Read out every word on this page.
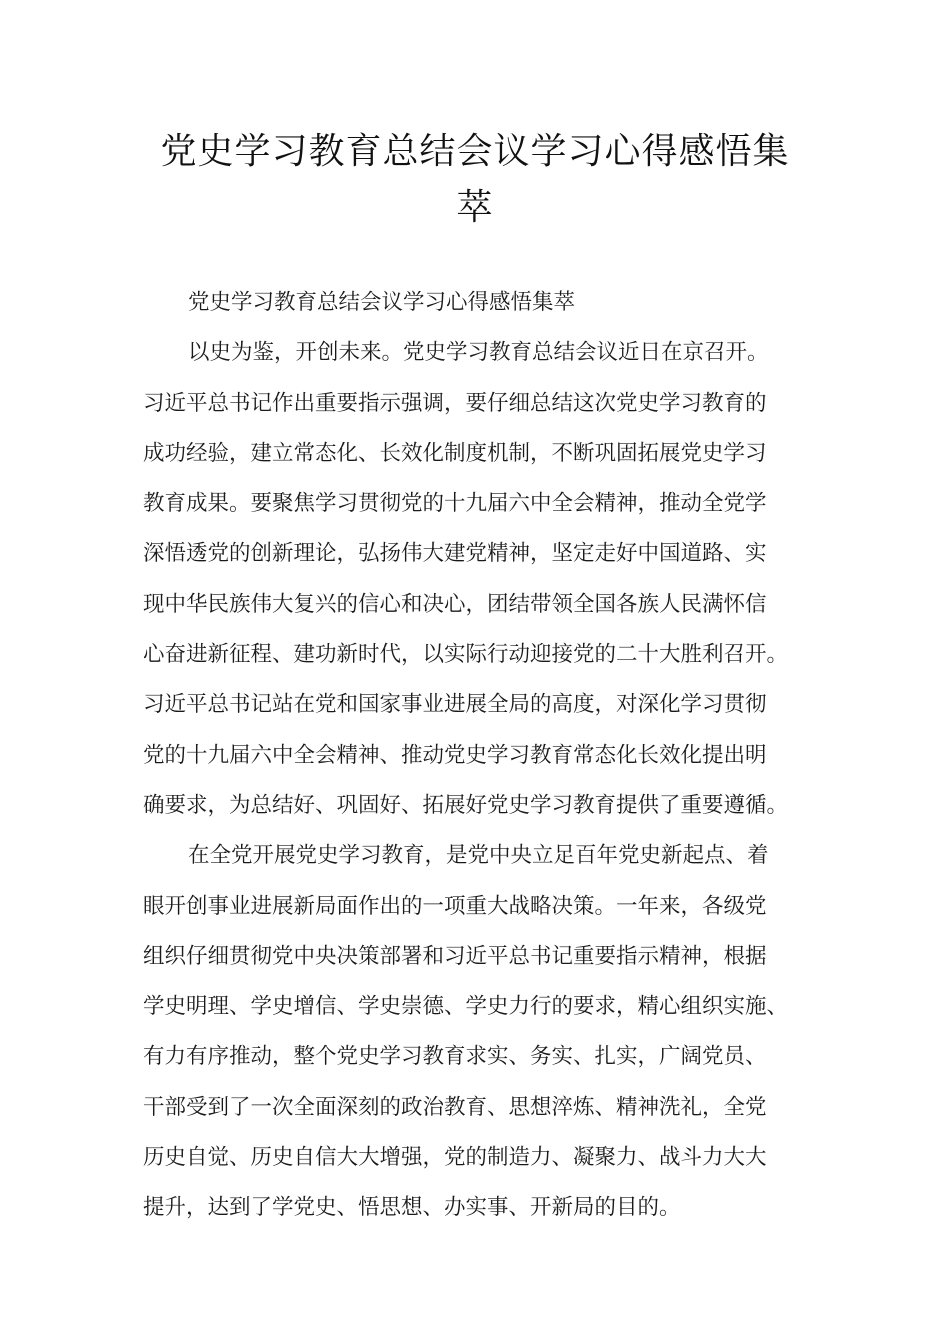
党史学习教育总结会议学习心得感悟集
萃
党史学习教育总结会议学习心得感悟集萃
以史为鉴，开创未来。党史学习教育总结会议近日在京召开。
习近平总书记作出重要指示强调，要仔细总结这次党史学习教育的
成功经验，建立常态化、长效化制度机制，不断巩固拓展党史学习
教育成果。要聚焦学习贯彻党的十九届六中全会精神，推动全党学
深悟透党的创新理论，弘扬伟大建党精神，坚定走好中国道路、实
现中华民族伟大复兴的信心和决心，团结带领全国各族人民满怀信
心奋进新征程、建功新时代，以实际行动迎接党的二十大胜利召开。
习近平总书记站在党和国家事业进展全局的高度，对深化学习贯彻
党的十九届六中全会精神、推动党史学习教育常态化长效化提出明
确要求，为总结好、巩固好、拓展好党史学习教育提供了重要遵循。
在全党开展党史学习教育，是党中央立足百年党史新起点、着
眼开创事业进展新局面作出的一项重大战略决策。一年来，各级党
组织仔细贯彻党中央决策部署和习近平总书记重要指示精神，根据
学史明理、学史增信、学史崇德、学史力行的要求，精心组织实施、
有力有序推动，整个党史学习教育求实、务实、扎实，广阔党员、
干部受到了一次全面深刻的政治教育、思想淬炼、精神洗礼，全党
历史自觉、历史自信大大增强，党的制造力、凝聚力、战斗力大大
提升，达到了学党史、悟思想、办实事、开新局的目的。
